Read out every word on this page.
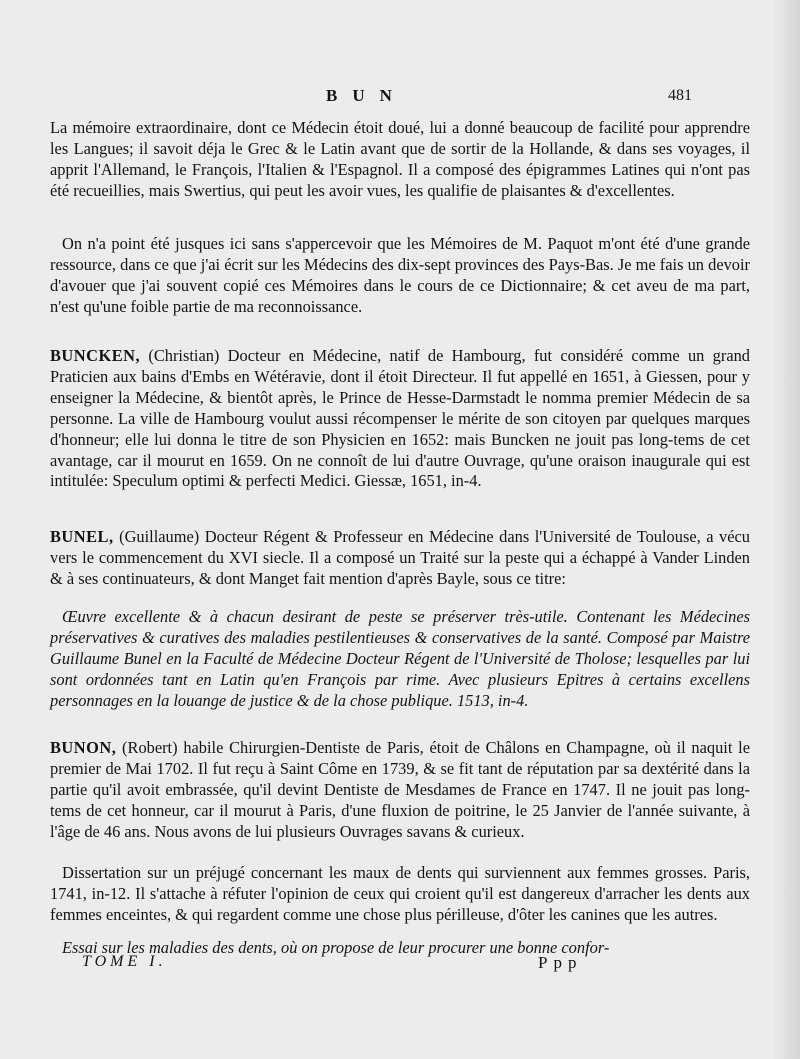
BUN	481

La mémoire extraordinaire, dont ce Médecin étoit doué, lui a donné beaucoup de facilité pour apprendre les Langues; il savoit déja le Grec & le Latin avant que de sortir de la Hollande, & dans ses voyages, il apprit l'Allemand, le François, l'Italien & l'Espagnol. Il a composé des épigrammes Latines qui n'ont pas été recueillies, mais Swertius, qui peut les avoir vues, les qualifie de plaisantes & d'excellentes.

On n'a point été jusques ici sans s'appercevoir que les Mémoires de M. Paquot m'ont été d'une grande ressource, dans ce que j'ai écrit sur les Médecins des dix-sept provinces des Pays-Bas. Je me fais un devoir d'avouer que j'ai souvent copié ces Mémoires dans le cours de ce Dictionnaire; & cet aveu de ma part, n'est qu'une foible partie de ma reconnoissance.

BUNCKEN, (Christian) Docteur en Médecine, natif de Hambourg, fut considéré comme un grand Praticien aux bains d'Embs en Wétéravie, dont il étoit Directeur. Il fut appellé en 1651, à Giessen, pour y enseigner la Médecine, & bientôt après, le Prince de Hesse-Darmstadt le nomma premier Médecin de sa personne. La ville de Hambourg voulut aussi récompenser le mérite de son citoyen par quelques marques d'honneur; elle lui donna le titre de son Physicien en 1652: mais Buncken ne jouit pas long-tems de cet avantage, car il mourut en 1659. On ne connoît de lui d'autre Ouvrage, qu'une oraison inaugurale qui est intitulée: Speculum optimi & perfecti Medici. Giessæ, 1651, in-4.

BUNEL, (Guillaume) Docteur Régent & Professeur en Médecine dans l'Université de Toulouse, a vécu vers le commencement du XVI siecle. Il a composé un Traité sur la peste qui a échappé à Vander Linden & à ses continuateurs, & dont Manget fait mention d'après Bayle, sous ce titre:

Œuvre excellente & à chacun desirant de peste se préserver très-utile. Contenant les Médecines préservatives & curatives des maladies pestilentieuses & conservatives de la santé. Composé par Maistre Guillaume Bunel en la Faculté de Médecine Docteur Régent de l'Université de Tholose; lesquelles par lui sont ordonnées tant en Latin qu'en François par rime. Avec plusieurs Epitres à certains excellens personnages en la louange de justice & de la chose publique. 1513, in-4.

BUNON, (Robert) habile Chirurgien-Dentiste de Paris, étoit de Châlons en Champagne, où il naquit le premier de Mai 1702. Il fut reçu à Saint Côme en 1739, & se fit tant de réputation par sa dextérité dans la partie qu'il avoit embrassée, qu'il devint Dentiste de Mesdames de France en 1747. Il ne jouit pas long-tems de cet honneur, car il mourut à Paris, d'une fluxion de poitrine, le 25 Janvier de l'année suivante, à l'âge de 46 ans. Nous avons de lui plusieurs Ouvrages savans & curieux.

Dissertation sur un préjugé concernant les maux de dents qui surviennent aux femmes grosses. Paris, 1741, in-12. Il s'attache à réfuter l'opinion de ceux qui croient qu'il est dangereux d'arracher les dents aux femmes enceintes, & qui regardent comme une chose plus périlleuse, d'ôter les canines que les autres.

Essai sur les maladies des dents, où on propose de leur procurer une bonne confor-

TOME I.	Ppp
